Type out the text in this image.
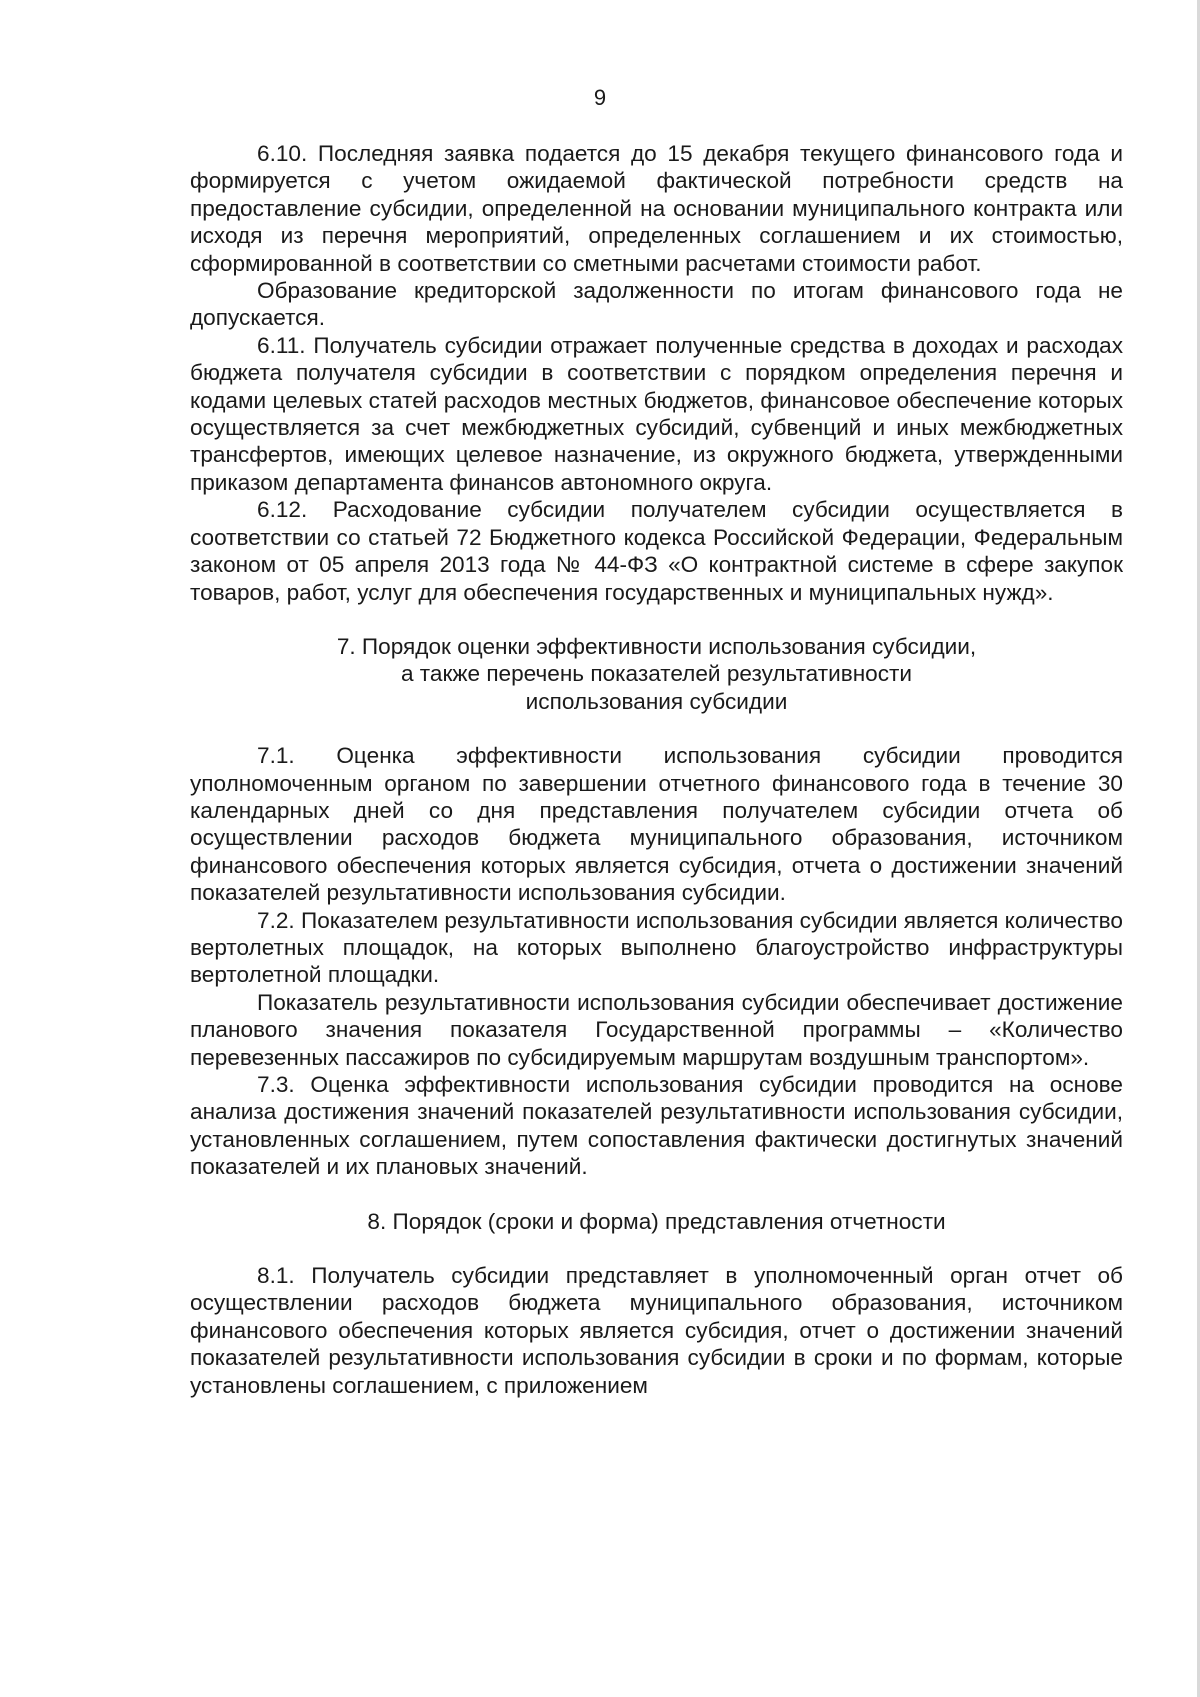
9

6.10. Последняя заявка подается до 15 декабря текущего финансового года и формируется с учетом ожидаемой фактической потребности средств на предоставление субсидии, определенной на основании муниципального контракта или исходя из перечня мероприятий, определенных соглашением и их стоимостью, сформированной в соответствии со сметными расчетами стоимости работ.

Образование кредиторской задолженности по итогам финансового года не допускается.

6.11. Получатель субсидии отражает полученные средства в доходах и расходах бюджета получателя субсидии в соответствии с порядком определения перечня и кодами целевых статей расходов местных бюджетов, финансовое обеспечение которых осуществляется за счет межбюджетных субсидий, субвенций и иных межбюджетных трансфертов, имеющих целевое назначение, из окружного бюджета, утвержденными приказом департамента финансов автономного округа.

6.12. Расходование субсидии получателем субсидии осуществляется в соответствии со статьей 72 Бюджетного кодекса Российской Федерации, Федеральным законом от 05 апреля 2013 года № 44-ФЗ «О контрактной системе в сфере закупок товаров, работ, услуг для обеспечения государственных и муниципальных нужд».

7. Порядок оценки эффективности использования субсидии,
а также перечень показателей результативности
использования субсидии

7.1. Оценка эффективности использования субсидии проводится уполномоченным органом по завершении отчетного финансового года в течение 30 календарных дней со дня представления получателем субсидии отчета об осуществлении расходов бюджета муниципального образования, источником финансового обеспечения которых является субсидия, отчета о достижении значений показателей результативности использования субсидии.

7.2. Показателем результативности использования субсидии является количество вертолетных площадок, на которых выполнено благоустройство инфраструктуры вертолетной площадки.

Показатель результативности использования субсидии обеспечивает достижение планового значения показателя Государственной программы – «Количество перевезенных пассажиров по субсидируемым маршрутам воздушным транспортом».

7.3. Оценка эффективности использования субсидии проводится на основе анализа достижения значений показателей результативности использования субсидии, установленных соглашением, путем сопоставления фактически достигнутых значений показателей и их плановых значений.

8. Порядок (сроки и форма) представления отчетности

8.1. Получатель субсидии представляет в уполномоченный орган отчет об осуществлении расходов бюджета муниципального образования, источником финансового обеспечения которых является субсидия, отчет о достижении значений показателей результативности использования субсидии в сроки и по формам, которые установлены соглашением, с приложением
